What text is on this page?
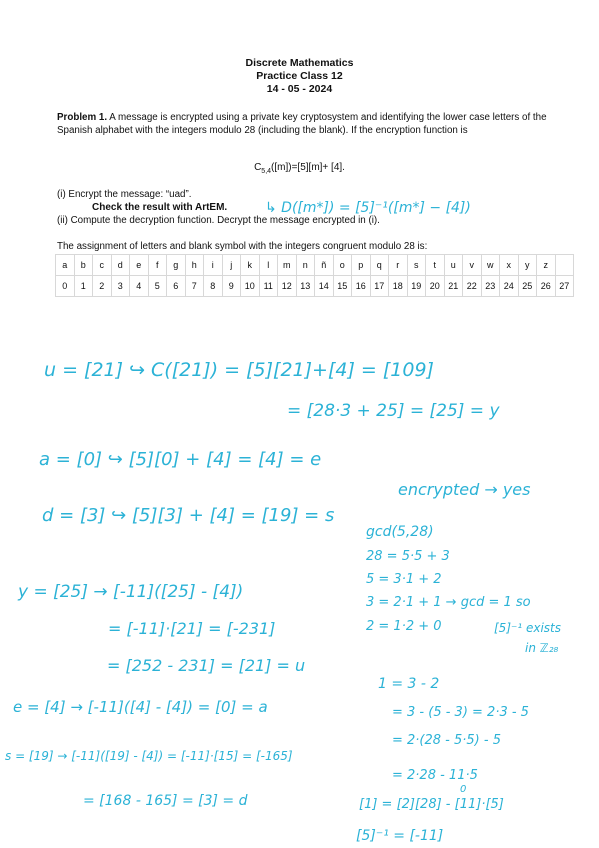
Discrete Mathematics
Practice Class 12
14 - 05 - 2024
Problem 1. A message is encrypted using a private key cryptosystem and identifying the lower case letters of the Spanish alphabet with the integers modulo 28 (including the blank). If the encryption function is
$C_{5,4}([m])=[5][m]+ [4]$.
(i) Encrypt the message: “uad”.
Check the result with ArtEM.
(ii) Compute the decryption function. Decrypt the message encrypted in (i).
The assignment of letters and blank symbol with the integers congruent modulo 28 is:
a	b	c	d	e	f	g	h	i	j	k	l	m	n	ñ	o	p	q	r	s	t	u	v	w	x	y	z	
0	1	2	3	4	5	6	7	8	9	10	11	12	13	14	15	16	17	18	19	20	21	22	23	24	25	26	27
↳ D([m*]) = [5]⁻¹([m*] − [4])
u = [21] ↪ C([21]) = [5][21]+[4] = [109]
= [28·3 + 25] = [25] = y
a = [0] ↪ [5][0] + [4] = [4] = e
d = [3] ↪ [5][3] + [4] = [19] = s
encrypted → yes
gcd(5,28)
28 = 5·5 + 3
5 = 3·1 + 2
3 = 2·1 + 1 → gcd = 1 so
2 = 1·2 + 0	[5]⁻¹ exists
in ℤ₂₈
y = [25] → [-11]([25] - [4])
= [-11]·[21] = [-231]
= [252 - 231] = [21] = u
e = [4] → [-11]([4] - [4]) = [0] = a
1 = 3 - 2
= 3 - (5 - 3) = 2·3 - 5
= 2·(28 - 5·5) - 5
= 2·28 - 11·5
s = [19] → [-11]([19] - [4]) = [-11]·[15] = [-165]
= [168 - 165] = [3] = d	[1] = [2][28] - [11]·[5]
0
[5]⁻¹ = [-11]
